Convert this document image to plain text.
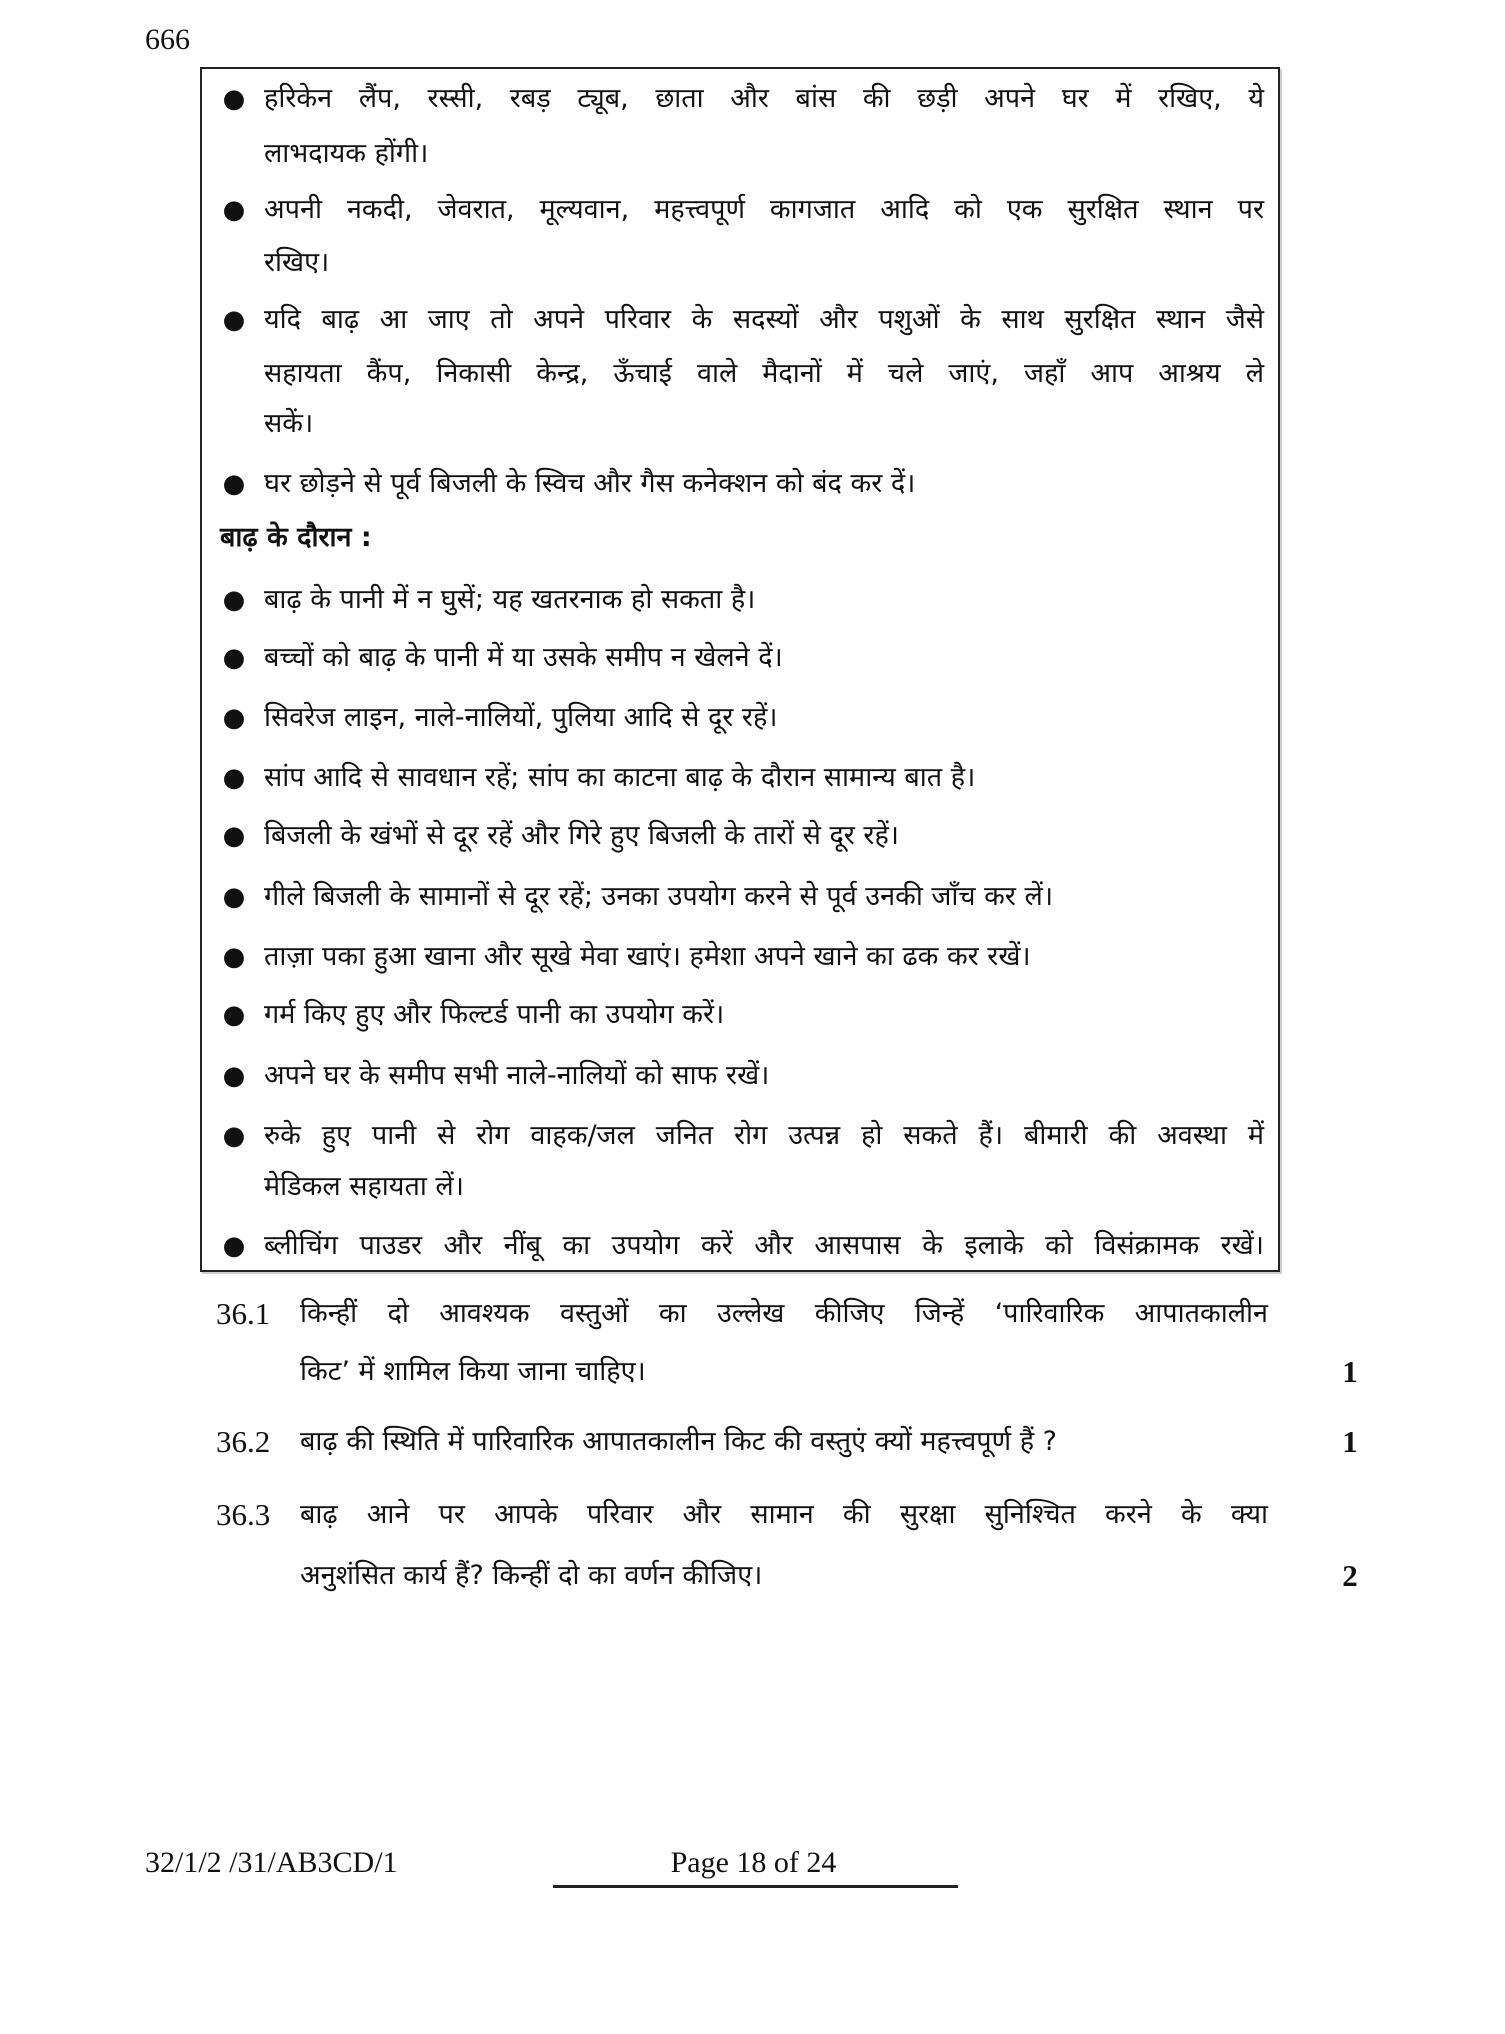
666
● हरिकेन लैंप, रस्सी, रबड़ ट्यूब, छाता और बांस की छड़ी अपने घर में रखिए, ये
लाभदायक होंगी।
● अपनी नकदी, जेवरात, मूल्यवान, महत्त्वपूर्ण कागजात आदि को एक सुरक्षित स्थान पर
रखिए।
● यदि बाढ़ आ जाए तो अपने परिवार के सदस्यों और पशुओं के साथ सुरक्षित स्थान जैसे
सहायता कैंप, निकासी केन्द्र, ऊँचाई वाले मैदानों में चले जाएं, जहाँ आप आश्रय ले
सकें।
● घर छोड़ने से पूर्व बिजली के स्विच और गैस कनेक्शन को बंद कर दें।
बाढ़ के दौरान :
● बाढ़ के पानी में न घुसें; यह खतरनाक हो सकता है।
● बच्चों को बाढ़ के पानी में या उसके समीप न खेलने दें।
● सिवरेज लाइन, नाले-नालियों, पुलिया आदि से दूर रहें।
● सांप आदि से सावधान रहें; सांप का काटना बाढ़ के दौरान सामान्य बात है।
● बिजली के खंभों से दूर रहें और गिरे हुए बिजली के तारों से दूर रहें।
● गीले बिजली के सामानों से दूर रहें; उनका उपयोग करने से पूर्व उनकी जाँच कर लें।
● ताज़ा पका हुआ खाना और सूखे मेवा खाएं। हमेशा अपने खाने का ढक कर रखें।
● गर्म किए हुए और फिल्टर्ड पानी का उपयोग करें।
● अपने घर के समीप सभी नाले-नालियों को साफ रखें।
● रुके हुए पानी से रोग वाहक/जल जनित रोग उत्पन्न हो सकते हैं। बीमारी की अवस्था में
मेडिकल सहायता लें।
● ब्लीचिंग पाउडर और नींबू का उपयोग करें और आसपास के इलाके को विसंक्रामक रखें।
36.1 किन्हीं दो आवश्यक वस्तुओं का उल्लेख कीजिए जिन्हें ‘पारिवारिक आपातकालीन
किट’ में शामिल किया जाना चाहिए।	1
36.2 बाढ़ की स्थिति में पारिवारिक आपातकालीन किट की वस्तुएं क्यों महत्त्वपूर्ण हैं ?	1
36.3 बाढ़ आने पर आपके परिवार और सामान की सुरक्षा सुनिश्चित करने के क्या
अनुशंसित कार्य हैं? किन्हीं दो का वर्णन कीजिए।	2
32/1/2 /31/AB3CD/1	Page 18 of 24
